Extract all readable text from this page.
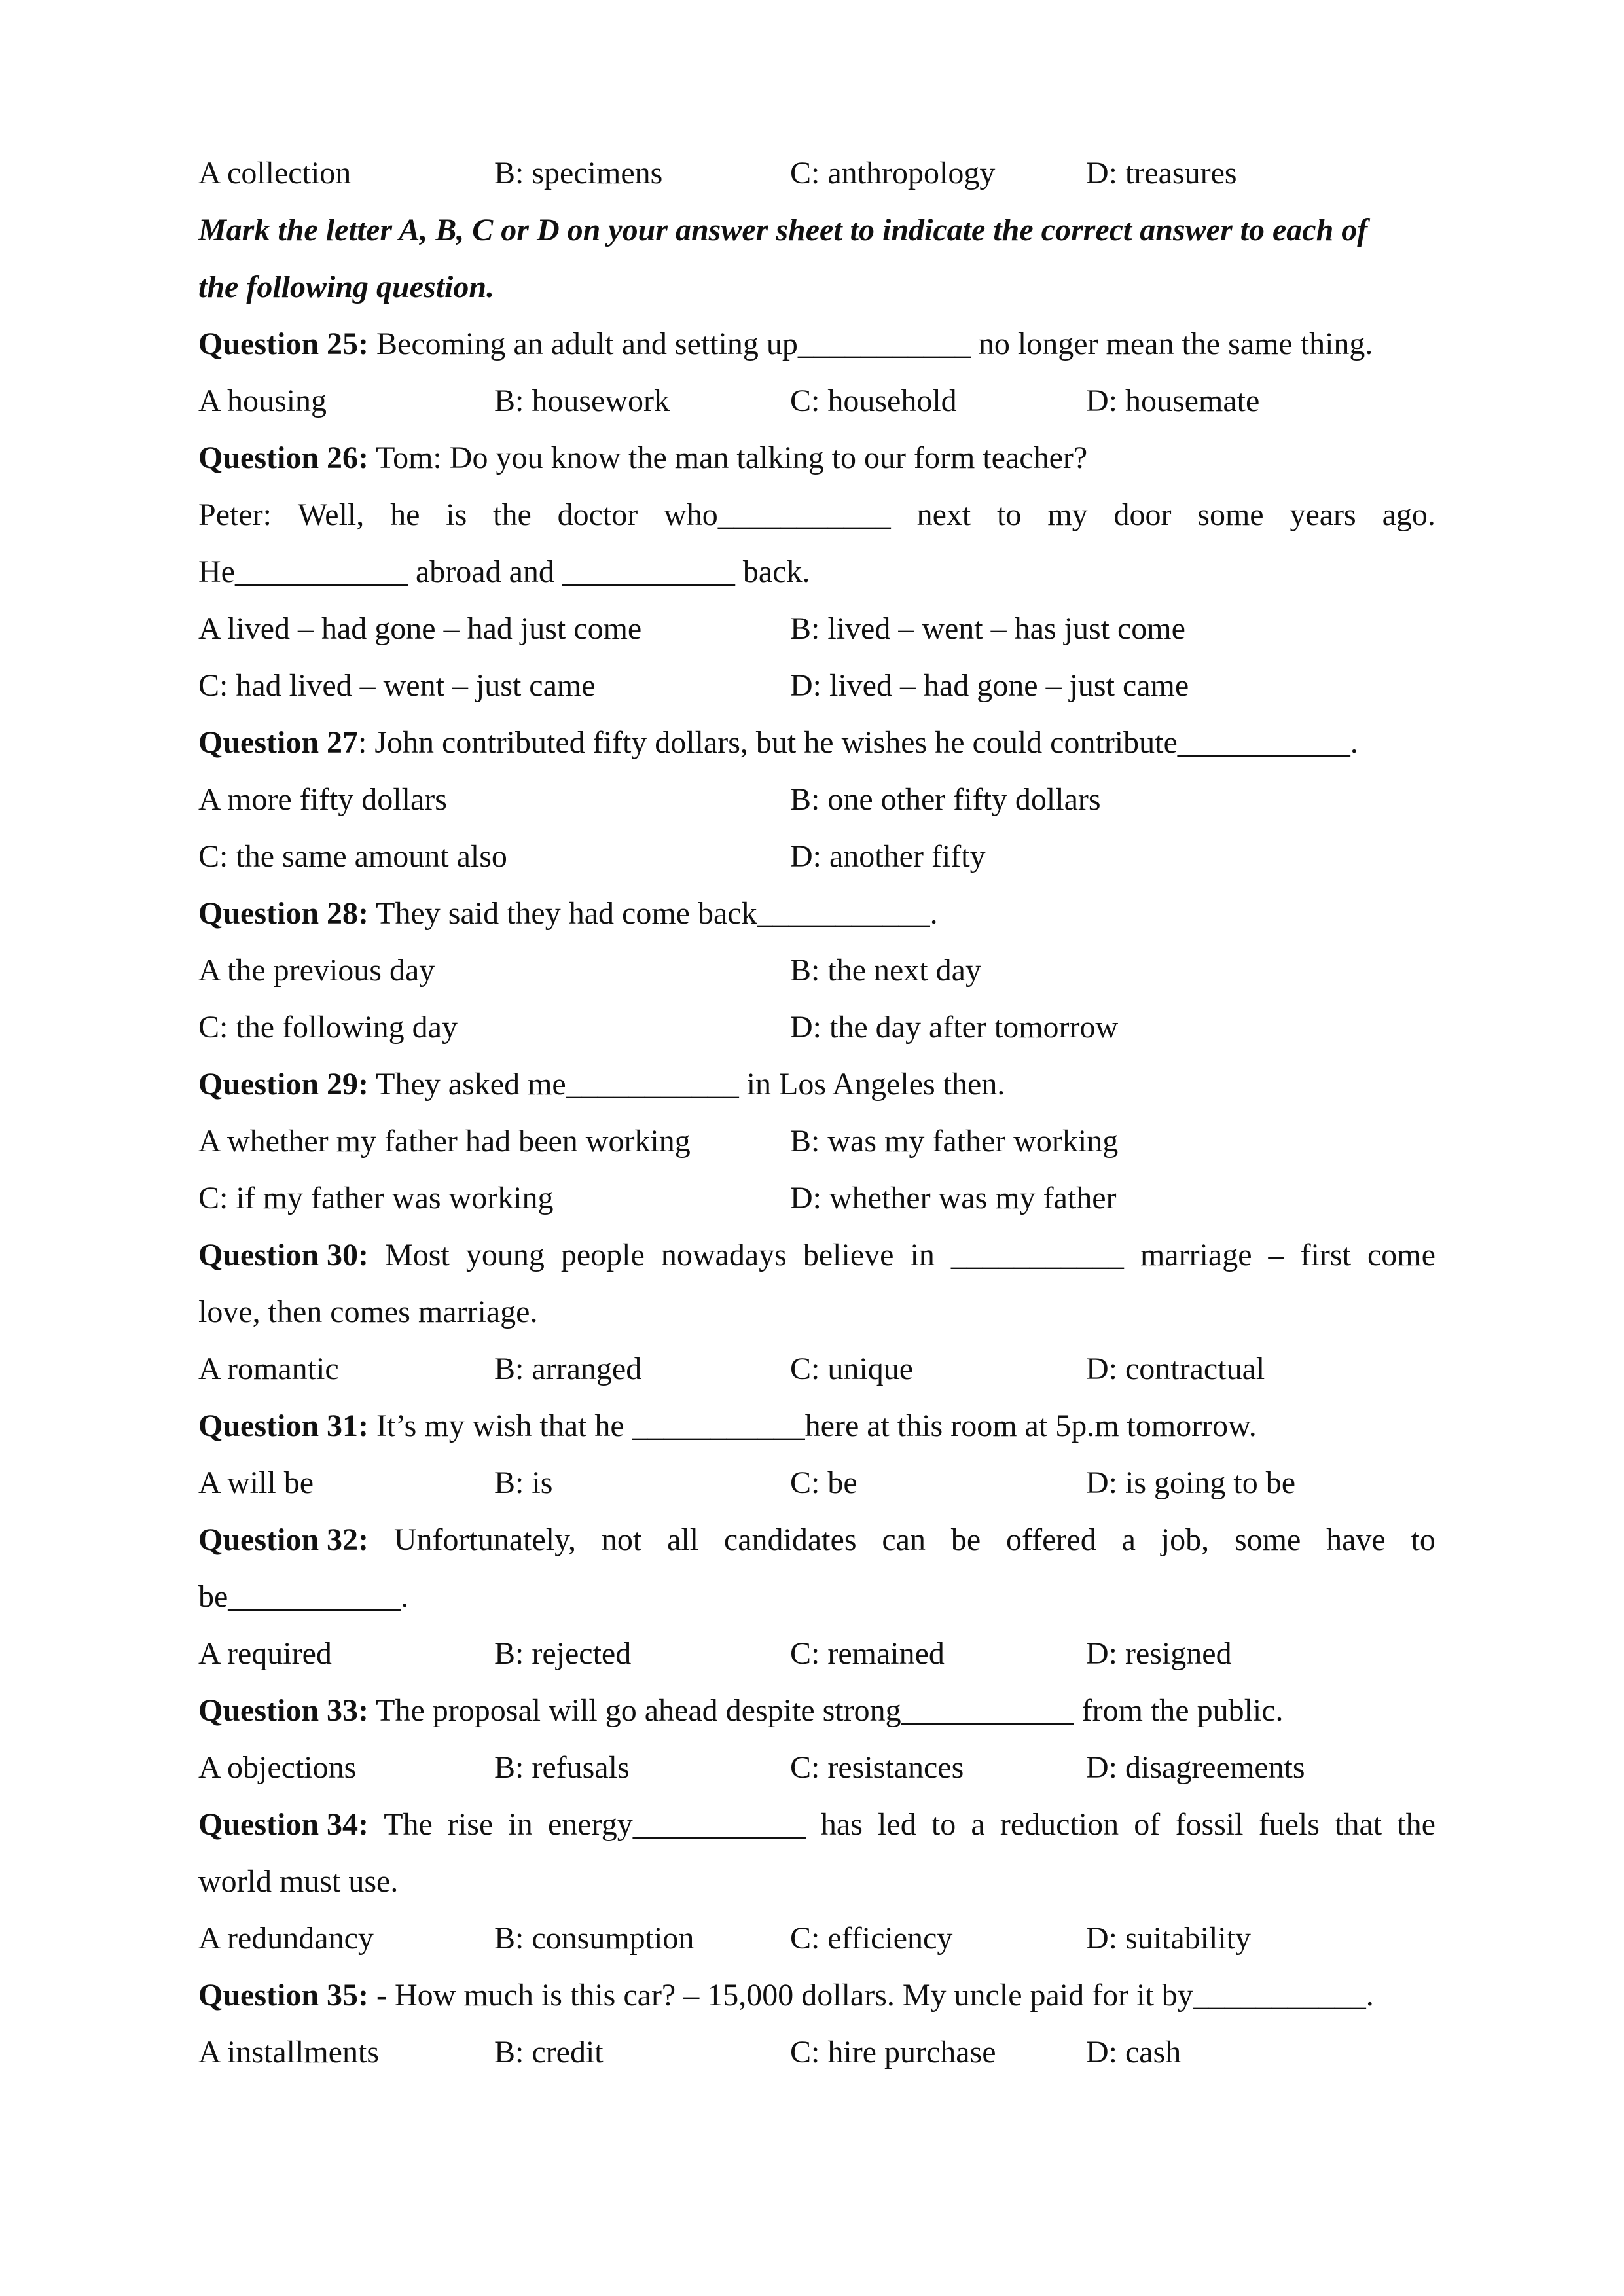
A collection	B: specimens	C: anthropology	D: treasures
Mark the letter A, B, C or D on your answer sheet to indicate the correct answer to each of
the following question.
Question 25: Becoming an adult and setting up___________ no longer mean the same thing.
A housing	B: housework	C: household	D: housemate
Question 26: Tom: Do you know the man talking to our form teacher?
Peter: Well, he is the doctor who___________ next to my door some years ago.
He___________ abroad and ___________ back.
A lived – had gone – had just come	B: lived – went – has just come
C: had lived – went – just came	D: lived – had gone – just came
Question 27: John contributed fifty dollars, but he wishes he could contribute___________.
A more fifty dollars	B: one other fifty dollars
C: the same amount also	D: another fifty
Question 28: They said they had come back___________.
A the previous day	B: the next day
C: the following day	D: the day after tomorrow
Question 29: They asked me___________ in Los Angeles then.
A whether my father had been working	B: was my father working
C: if my father was working	D: whether was my father
Question 30: Most young people nowadays believe in ___________ marriage – first come
love, then comes marriage.
A romantic	B: arranged	C: unique	D: contractual
Question 31: It’s my wish that he ___________here at this room at 5p.m tomorrow.
A will be	B: is	C: be	D: is going to be
Question 32: Unfortunately, not all candidates can be offered a job, some have to
be___________.
A required	B: rejected	C: remained	D: resigned
Question 33: The proposal will go ahead despite strong___________ from the public.
A objections	B: refusals	C: resistances	D: disagreements
Question 34: The rise in energy___________ has led to a reduction of fossil fuels that the
world must use.
A redundancy	B: consumption	C: efficiency	D: suitability
Question 35: - How much is this car? – 15,000 dollars. My uncle paid for it by___________.
A installments	B: credit	C: hire purchase	D: cash
